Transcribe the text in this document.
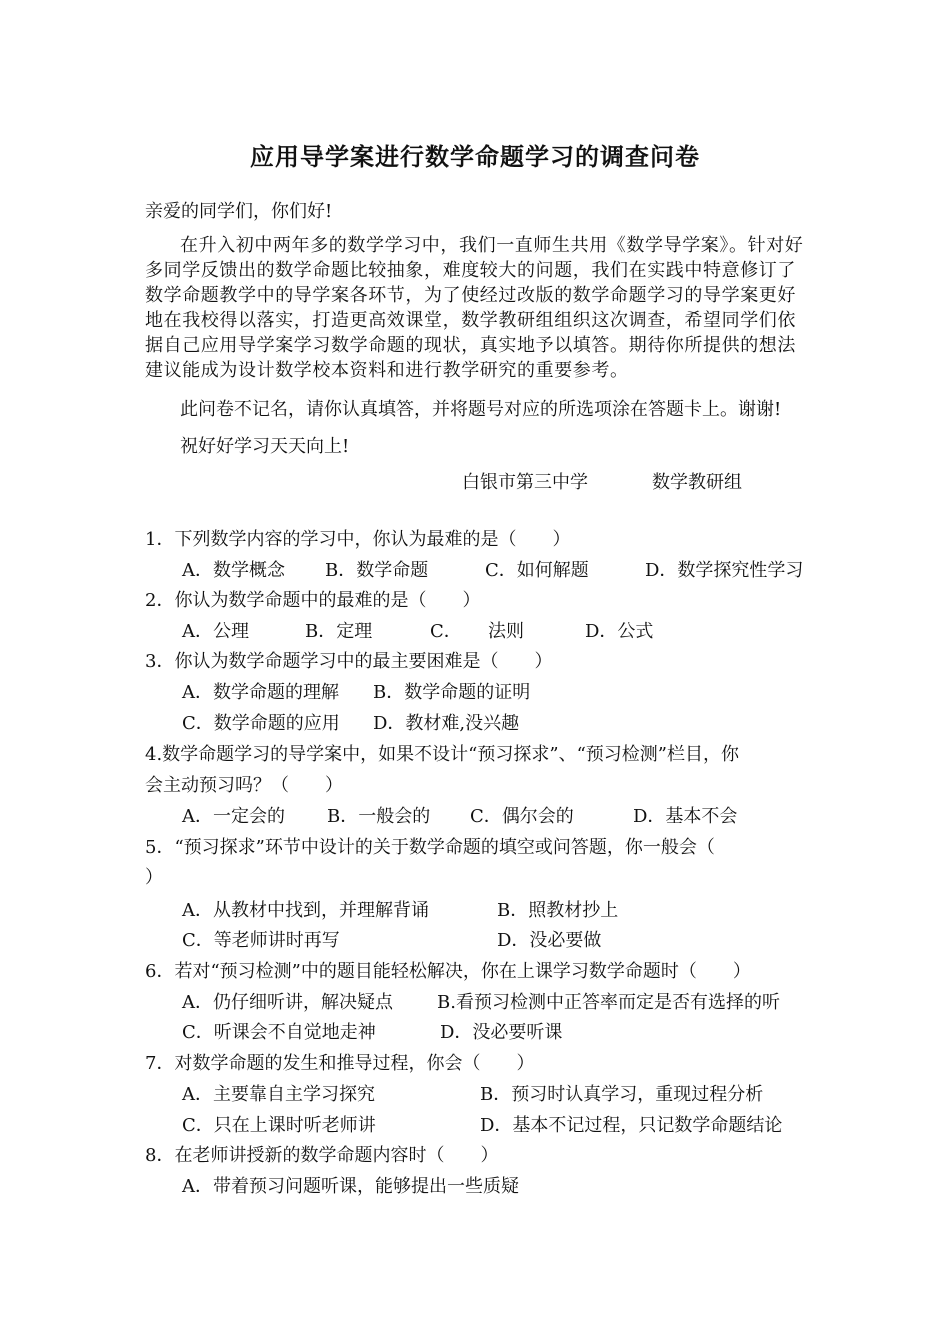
应用导学案进行数学命题学习的调查问卷
亲爱的同学们，你们好!
在升入初中两年多的数学学习中，我们一直师生共用《数学导学案》。针对好
多同学反馈出的数学命题比较抽象，难度较大的问题，我们在实践中特意修订了
数学命题教学中的导学案各环节，为了使经过改版的数学命题学习的导学案更好
地在我校得以落实，打造更高效课堂，数学教研组组织这次调查，希望同学们依
据自己应用导学案学习数学命题的现状，真实地予以填答。期待你所提供的想法
建议能成为设计数学校本资料和进行教学研究的重要参考。
此问卷不记名，请你认真填答，并将题号对应的所选项涂在答题卡上。谢谢!
祝好好学习天天向上!
白银市第三中学	数学教研组
1．下列数学内容的学习中，你认为最难的是（　　）
A．数学概念 B．数学命题	C．如何解题	D．数学探究性学习
2．你认为数学命题中的最难的是（　　）
A．公理	B．定理	C． 法则	D．公式
3．你认为数学命题学习中的最主要困难是（　　）
A．数学命题的理解 B．数学命题的证明
C．数学命题的应用 D．教材难,没兴趣
4.数学命题学习的导学案中，如果不设计“预习探求”、“预习检测”栏目，你
会主动预习吗？（　　）
A．一定会的 B．一般会的 C．偶尔会的	D．基本不会
5．“预习探求”环节中设计的关于数学命题的填空或问答题，你一般会（
）
A．从教材中找到，并理解背诵	B．照教材抄上
C．等老师讲时再写	D．没必要做
6．若对“预习检测”中的题目能轻松解决，你在上课学习数学命题时（　　）
A．仍仔细听讲，解决疑点 B.看预习检测中正答率而定是否有选择的听
C．听课会不自觉地走神	D．没必要听课
7．对数学命题的发生和推导过程，你会（　　）
A．主要靠自主学习探究	B．预习时认真学习，重现过程分析
C．只在上课时听老师讲	D．基本不记过程，只记数学命题结论
8．在老师讲授新的数学命题内容时（　　）
A．带着预习问题听课，能够提出一些质疑
